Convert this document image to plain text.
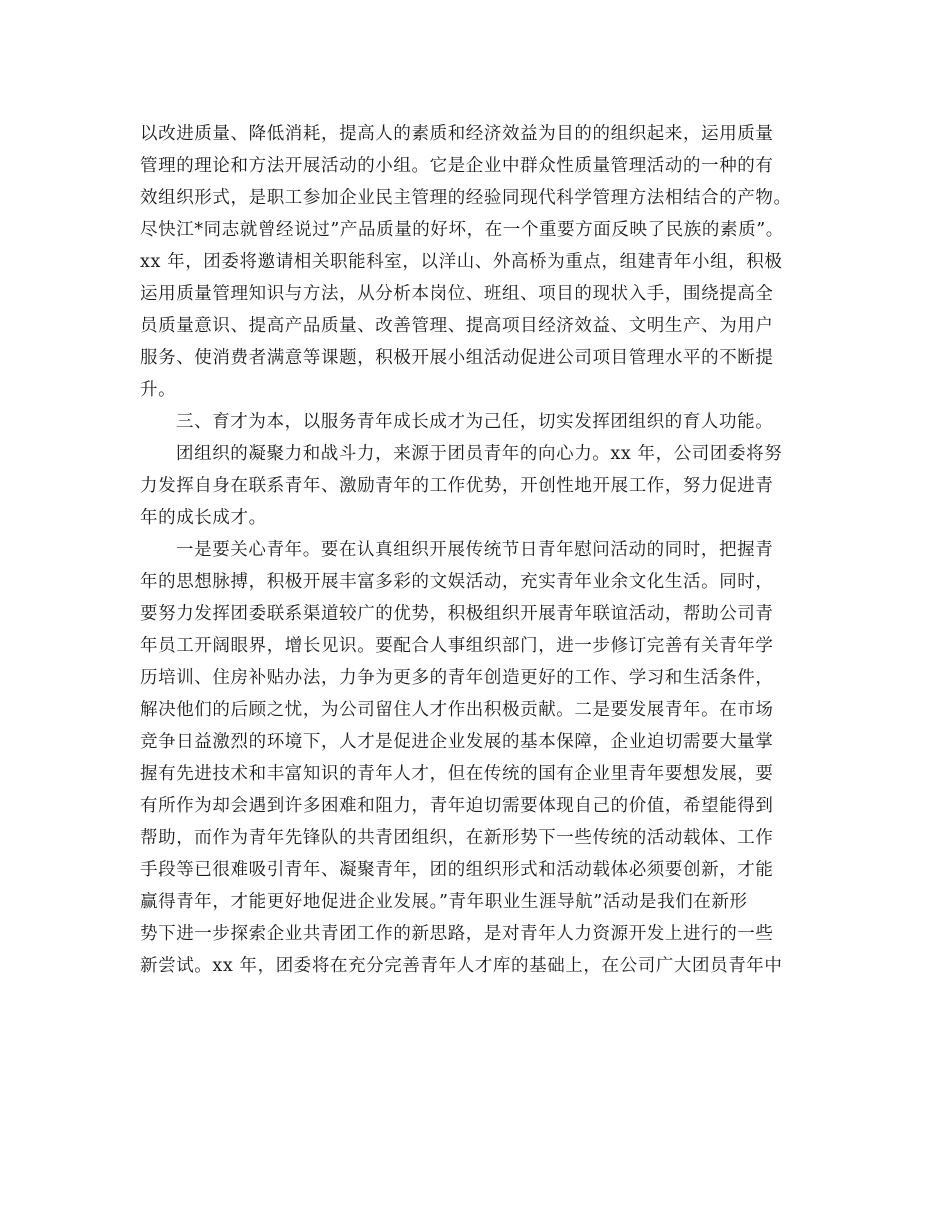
以改进质量、降低消耗，提高人的素质和经济效益为目的的组织起来，运用质量
管理的理论和方法开展活动的小组。它是企业中群众性质量管理活动的一种的有
效组织形式，是职工参加企业民主管理的经验同现代科学管理方法相结合的产物。
尽快江*同志就曾经说过”产品质量的好坏，在一个重要方面反映了民族的素质”。
xx 年，团委将邀请相关职能科室，以洋山、外高桥为重点，组建青年小组，积极
运用质量管理知识与方法，从分析本岗位、班组、项目的现状入手，围绕提高全
员质量意识、提高产品质量、改善管理、提高项目经济效益、文明生产、为用户
服务、使消费者满意等课题，积极开展小组活动促进公司项目管理水平的不断提
升。
三、育才为本，以服务青年成长成才为己任，切实发挥团组织的育人功能。
团组织的凝聚力和战斗力，来源于团员青年的向心力。xx 年，公司团委将努
力发挥自身在联系青年、激励青年的工作优势，开创性地开展工作，努力促进青
年的成长成才。
一是要关心青年。要在认真组织开展传统节日青年慰问活动的同时，把握青
年的思想脉搏，积极开展丰富多彩的文娱活动，充实青年业余文化生活。同时，
要努力发挥团委联系渠道较广的优势，积极组织开展青年联谊活动，帮助公司青
年员工开阔眼界，增长见识。要配合人事组织部门，进一步修订完善有关青年学
历培训、住房补贴办法，力争为更多的青年创造更好的工作、学习和生活条件，
解决他们的后顾之忧，为公司留住人才作出积极贡献。二是要发展青年。在市场
竞争日益激烈的环境下，人才是促进企业发展的基本保障，企业迫切需要大量掌
握有先进技术和丰富知识的青年人才，但在传统的国有企业里青年要想发展，要
有所作为却会遇到许多困难和阻力，青年迫切需要体现自己的价值，希望能得到
帮助，而作为青年先锋队的共青团组织，在新形势下一些传统的活动载体、工作
手段等已很难吸引青年、凝聚青年，团的组织形式和活动载体必须要创新，才能
赢得青年，才能更好地促进企业发展。”青年职业生涯导航”活动是我们在新形
势下进一步探索企业共青团工作的新思路，是对青年人力资源开发上进行的一些
新尝试。xx 年，团委将在充分完善青年人才库的基础上，在公司广大团员青年中
